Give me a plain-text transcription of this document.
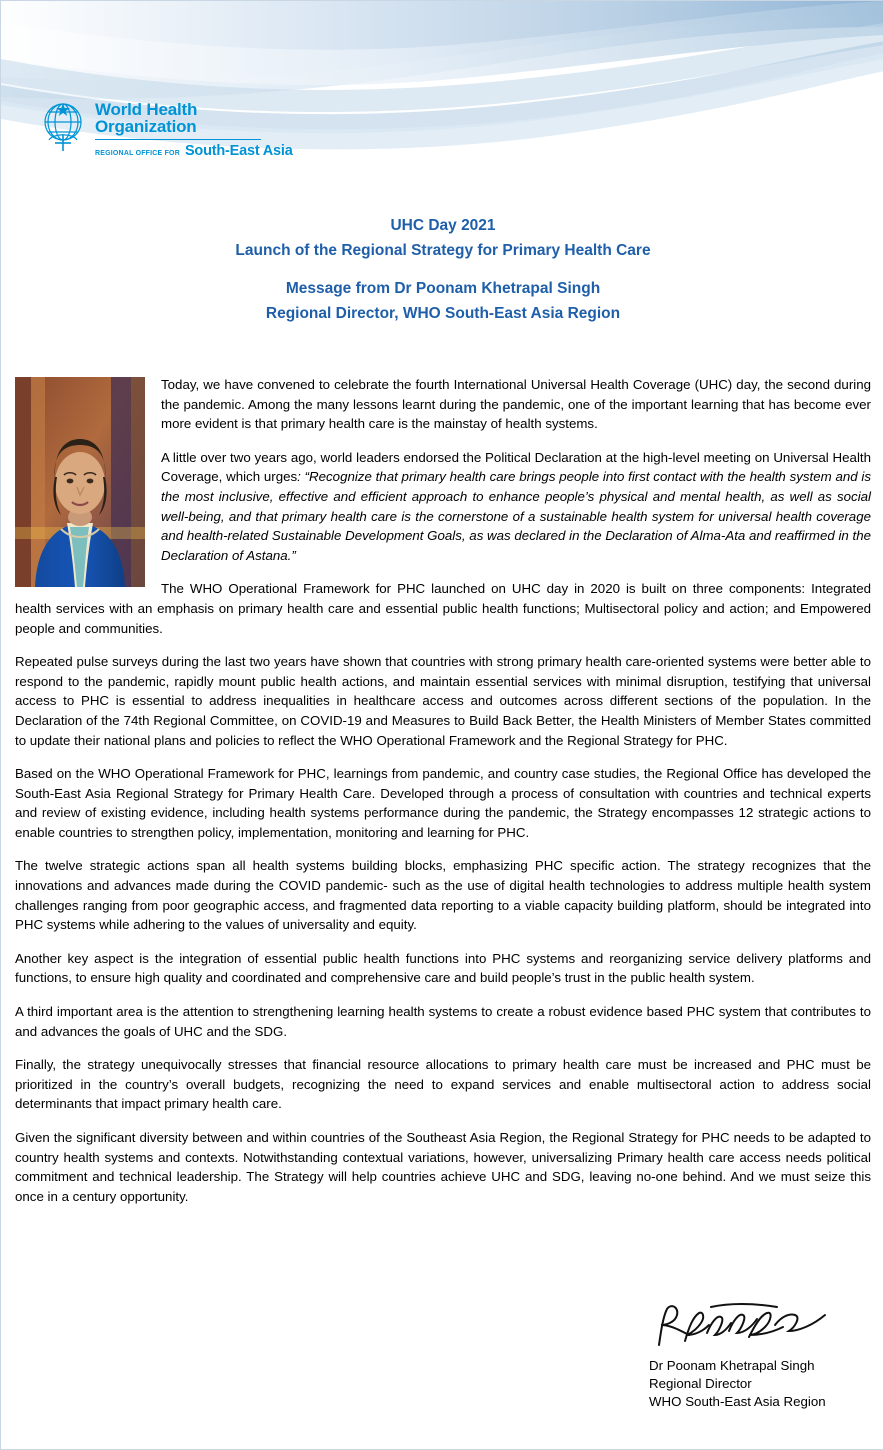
World Health
Organization
REGIONAL OFFICE FOR South-East Asia
UHC Day 2021
Launch of the Regional Strategy for Primary Health Care
Message from Dr Poonam Khetrapal Singh
Regional Director, WHO South-East Asia Region

Today, we have convened to celebrate the fourth International Universal Health Coverage (UHC) day, the second during the pandemic. Among the many lessons learnt during the pandemic, one of the important learning that has become ever more evident is that primary health care is the mainstay of health systems.

A little over two years ago, world leaders endorsed the Political Declaration at the high-level meeting on Universal Health Coverage, which urges: “Recognize that primary health care brings people into first contact with the health system and is the most inclusive, effective and efficient approach to enhance people’s physical and mental health, as well as social well-being, and that primary health care is the cornerstone of a sustainable health system for universal health coverage and health-related Sustainable Development Goals, as was declared in the Declaration of Alma-Ata and reaffirmed in the Declaration of Astana.”

The WHO Operational Framework for PHC launched on UHC day in 2020 is built on three components: Integrated health services with an emphasis on primary health care and essential public health functions; Multisectoral policy and action; and Empowered people and communities.

Repeated pulse surveys during the last two years have shown that countries with strong primary health care-oriented systems were better able to respond to the pandemic, rapidly mount public health actions, and maintain essential services with minimal disruption, testifying that universal access to PHC is essential to address inequalities in healthcare access and outcomes across different sections of the population. In the Declaration of the 74th Regional Committee, on COVID-19 and Measures to Build Back Better, the Health Ministers of Member States committed to update their national plans and policies to reflect the WHO Operational Framework and the Regional Strategy for PHC.

Based on the WHO Operational Framework for PHC, learnings from pandemic, and country case studies, the Regional Office has developed the South-East Asia Regional Strategy for Primary Health Care. Developed through a process of consultation with countries and technical experts and review of existing evidence, including health systems performance during the pandemic, the Strategy encompasses 12 strategic actions to enable countries to strengthen policy, implementation, monitoring and learning for PHC.

The twelve strategic actions span all health systems building blocks, emphasizing PHC specific action. The strategy recognizes that the innovations and advances made during the COVID pandemic- such as the use of digital health technologies to address multiple health system challenges ranging from poor geographic access, and fragmented data reporting to a viable capacity building platform, should be integrated into PHC systems while adhering to the values of universality and equity.

Another key aspect is the integration of essential public health functions into PHC systems and reorganizing service delivery platforms and functions, to ensure high quality and coordinated and comprehensive care and build people’s trust in the public health system.

A third important area is the attention to strengthening learning health systems to create a robust evidence based PHC system that contributes to and advances the goals of UHC and the SDG.

Finally, the strategy unequivocally stresses that financial resource allocations to primary health care must be increased and PHC must be prioritized in the country’s overall budgets, recognizing the need to expand services and enable multisectoral action to address social determinants that impact primary health care.

Given the significant diversity between and within countries of the Southeast Asia Region, the Regional Strategy for PHC needs to be adapted to country health systems and contexts. Notwithstanding contextual variations, however, universalizing Primary health care access needs political commitment and technical leadership. The Strategy will help countries achieve UHC and SDG, leaving no-one behind. And we must seize this once in a century opportunity.

Dr Poonam Khetrapal Singh
Regional Director
WHO South-East Asia Region
